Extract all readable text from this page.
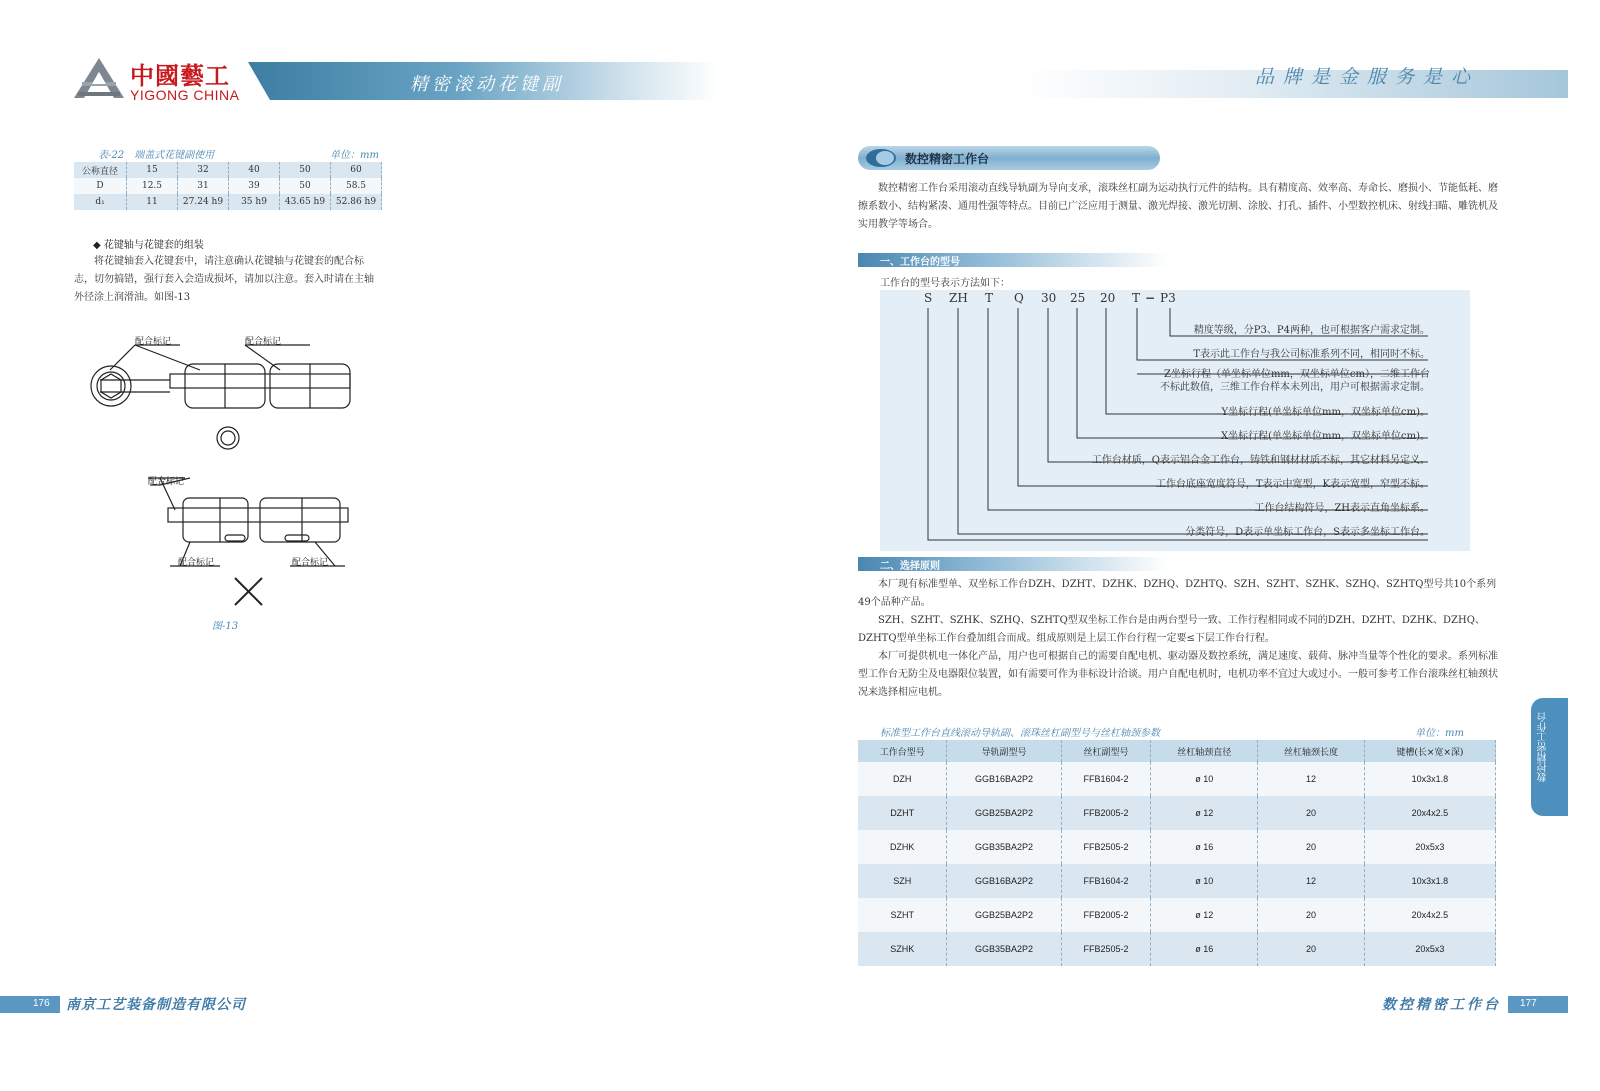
中國藝工
YIGONG CHINA	精密滚动花键副	品牌是金服务是心
表-22　端盖式花键副使用	单位：mm
公称直径	15	32	40	50	60
D	12.5	31	39	50	58.5
d₁	11	27.24 h9	35 h9	43.65 h9	52.86 h9
◆ 花键轴与花键套的组装
将花键轴套入花键套中，请注意确认花键轴与花键套的配合标志，切勿搞错，强行套入会造成损坏，请加以注意。套入时请在主轴外径涂上润滑油。如图-13
配合标记	配合标记
配合标记
配合标记	配合标记
图-13
数控精密工作台
数控精密工作台采用滚动直线导轨副为导向支承，滚珠丝杠副为运动执行元件的结构。具有精度高、效率高、寿命长、磨损小、节能低耗、磨擦系数小、结构紧凑、通用性强等特点。目前已广泛应用于测量、激光焊接、激光切割、涂胶、打孔、插件、小型数控机床、射线扫瞄、雕铣机及实用教学等场合。
一、工作台的型号
工作台的型号表示方法如下：
S ZH T Q 30 25 20 T − P3
精度等级，分P3、P4两种，也可根据客户需求定制。
T表示此工作台与我公司标准系列不同，相同时不标。
Z坐标行程（单坐标单位mm，双坐标单位cm），二维工作台
不标此数值，三维工作台样本未列出，用户可根据需求定制。
Y坐标行程(单坐标单位mm，双坐标单位cm)。
X坐标行程(单坐标单位mm，双坐标单位cm)。
工作台材质，Q表示铝合金工作台，铸铁和钢材材质不标，其它材料另定义。
工作台底座宽度符号，T表示中宽型，K表示宽型，窄型不标。
工作台结构符号，ZH表示直角坐标系。
分类符号，D表示单坐标工作台，S表示多坐标工作台。
二、选择原则

本厂现有标准型单、双坐标工作台DZH、DZHT、DZHK、DZHQ、DZHTQ、SZH、SZHT、SZHK、SZHQ、SZHTQ型号共10个系列49个品种产品。

SZH、SZHT、SZHK、SZHQ、SZHTQ型双坐标工作台是由两台型号一致、工作行程相同或不同的DZH、DZHT、DZHK、DZHQ、DZHTQ型单坐标工作台叠加组合而成。组成原则是上层工作台行程一定要≤下层工作台行程。

本厂可提供机电一体化产品，用户也可根据自己的需要自配电机、驱动器及数控系统，满足速度、载荷、脉冲当量等个性化的要求。系列标准型工作台无防尘及电器限位装置，如有需要可作为非标设计洽谈。用户自配电机时，电机功率不宜过大或过小。一般可参考工作台滚珠丝杠轴颈状况来选择相应电机。

标准型工作台直线滚动导轨副、滚珠丝杠副型号与丝杠轴颈参数	单位：mm
工作台型号	导轨副型号	丝杠副型号	丝杠轴颈直径	丝杠轴颈长度	键槽(长×宽×深)
DZH	GGB16BA2P2	FFB1604-2	ø 10	12	10x3x1.8
DZHT	GGB25BA2P2	FFB2005-2	ø 12	20	20x4x2.5
DZHK	GGB35BA2P2	FFB2505-2	ø 16	20	20x5x3
SZH	GGB16BA2P2	FFB1604-2	ø 10	12	10x3x1.8
SZHT	GGB25BA2P2	FFB2005-2	ø 12	20	20x4x2.5
SZHK	GGB35BA2P2	FFB2505-2	ø 16	20	20x5x3
数控精密工作台
176 南京工艺装备制造有限公司	177
数控精密工作台
